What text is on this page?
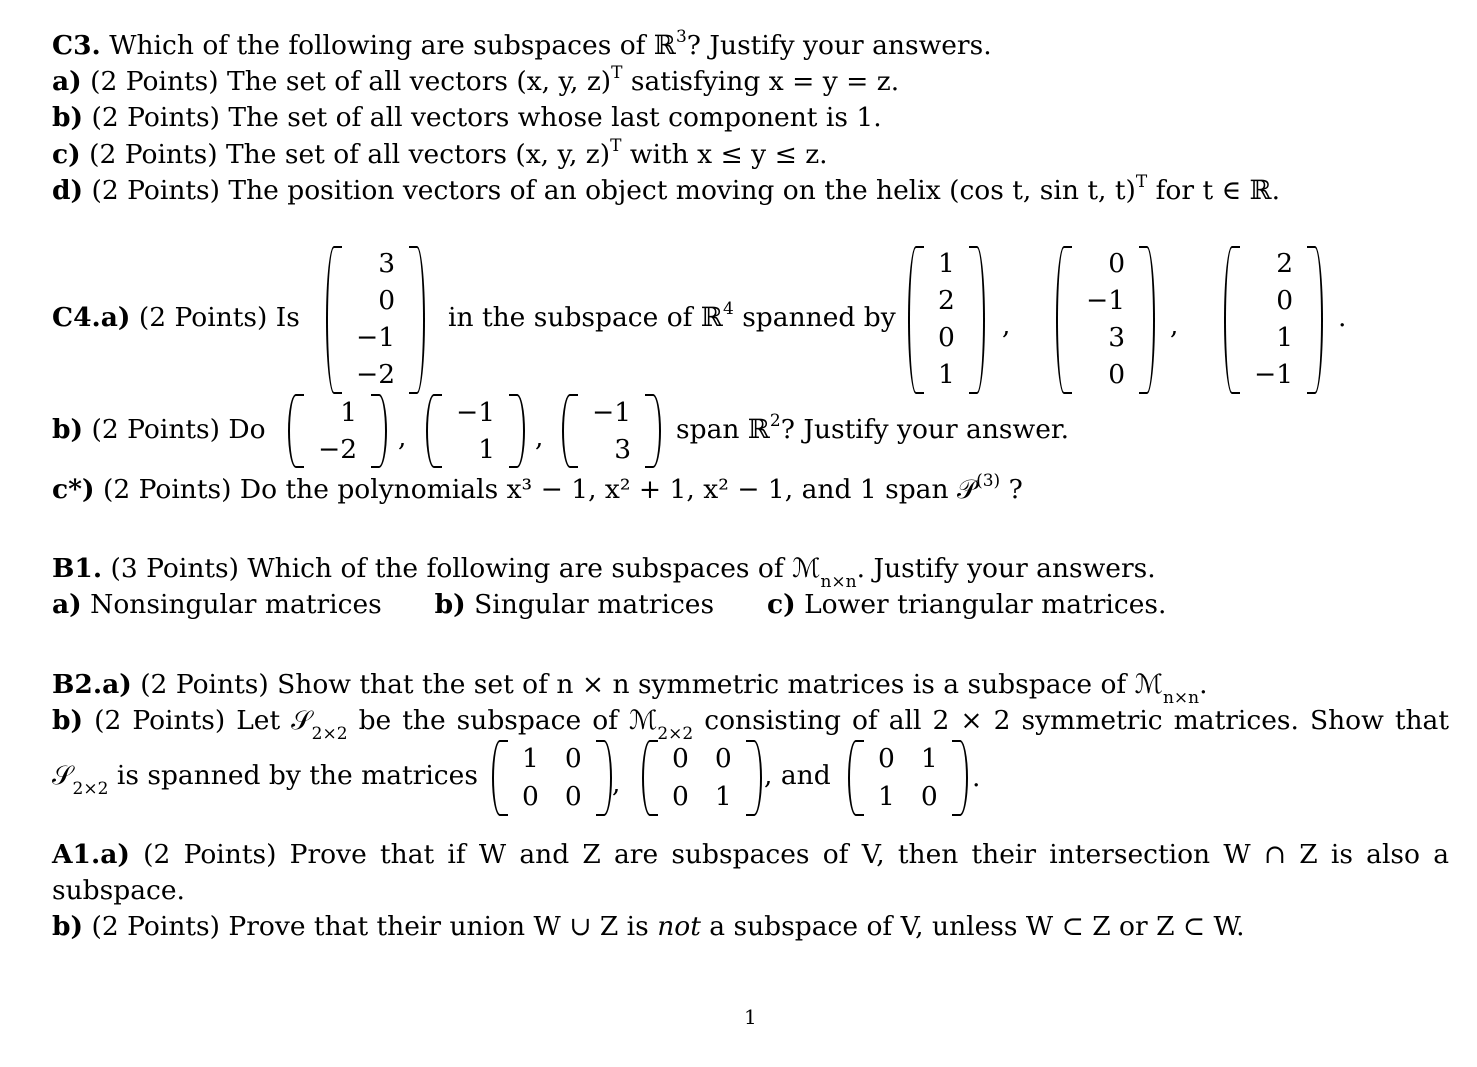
C3. Which of the following are subspaces of ℝ$^3$? Justify your answers.
a) (2 Points) The set of all vectors (x, y, z)$^T$ satisfying x = y = z.
b) (2 Points) The set of all vectors whose last component is 1.
c) (2 Points) The set of all vectors (x, y, z)$^T$ with x ≤ y ≤ z.
d) (2 Points) The position vectors of an object moving on the helix (cos t, sin t, t)$^T$ for t ∈ ℝ.
C4.a) (2 Points) Is
3
0
−1
−2
in the subspace of ℝ$^4$ spanned by
1
2
0
1
,
0
−1
3
0
,
2
0
1
−1
.
b) (2 Points) Do
1
−2 ,
−1
1 ,
−1
3
span ℝ$^2$? Justify your answer.
c*) (2 Points) Do the polynomials x³ − 1, x² + 1, x² − 1, and 1 span 𝒫$^{(3)}$ ?
B1. (3 Points) Which of the following are subspaces of ℳ$_{n\times n}$. Justify your answers.
a) Nonsingular matrices b) Singular matrices c) Lower triangular matrices.
B2.a) (2 Points) Show that the set of n × n symmetric matrices is a subspace of ℳ$_{n\times n}$.
b) (2 Points) Let 𝒮$_{2\times 2}$ be the subspace of ℳ$_{2\times 2}$ consisting of all 2 × 2 symmetric matrices. Show that
𝒮$_{2\times 2}$ is spanned by the matrices
1 0
0 0 ,
0 0
0 1
, and
0 1
1 0
.
A1.a) (2 Points) Prove that if W and Z are subspaces of V, then their intersection W ∩ Z is also a
subspace.
b) (2 Points) Prove that their union W ∪ Z is not a subspace of V, unless W ⊂ Z or Z ⊂ W.
1
